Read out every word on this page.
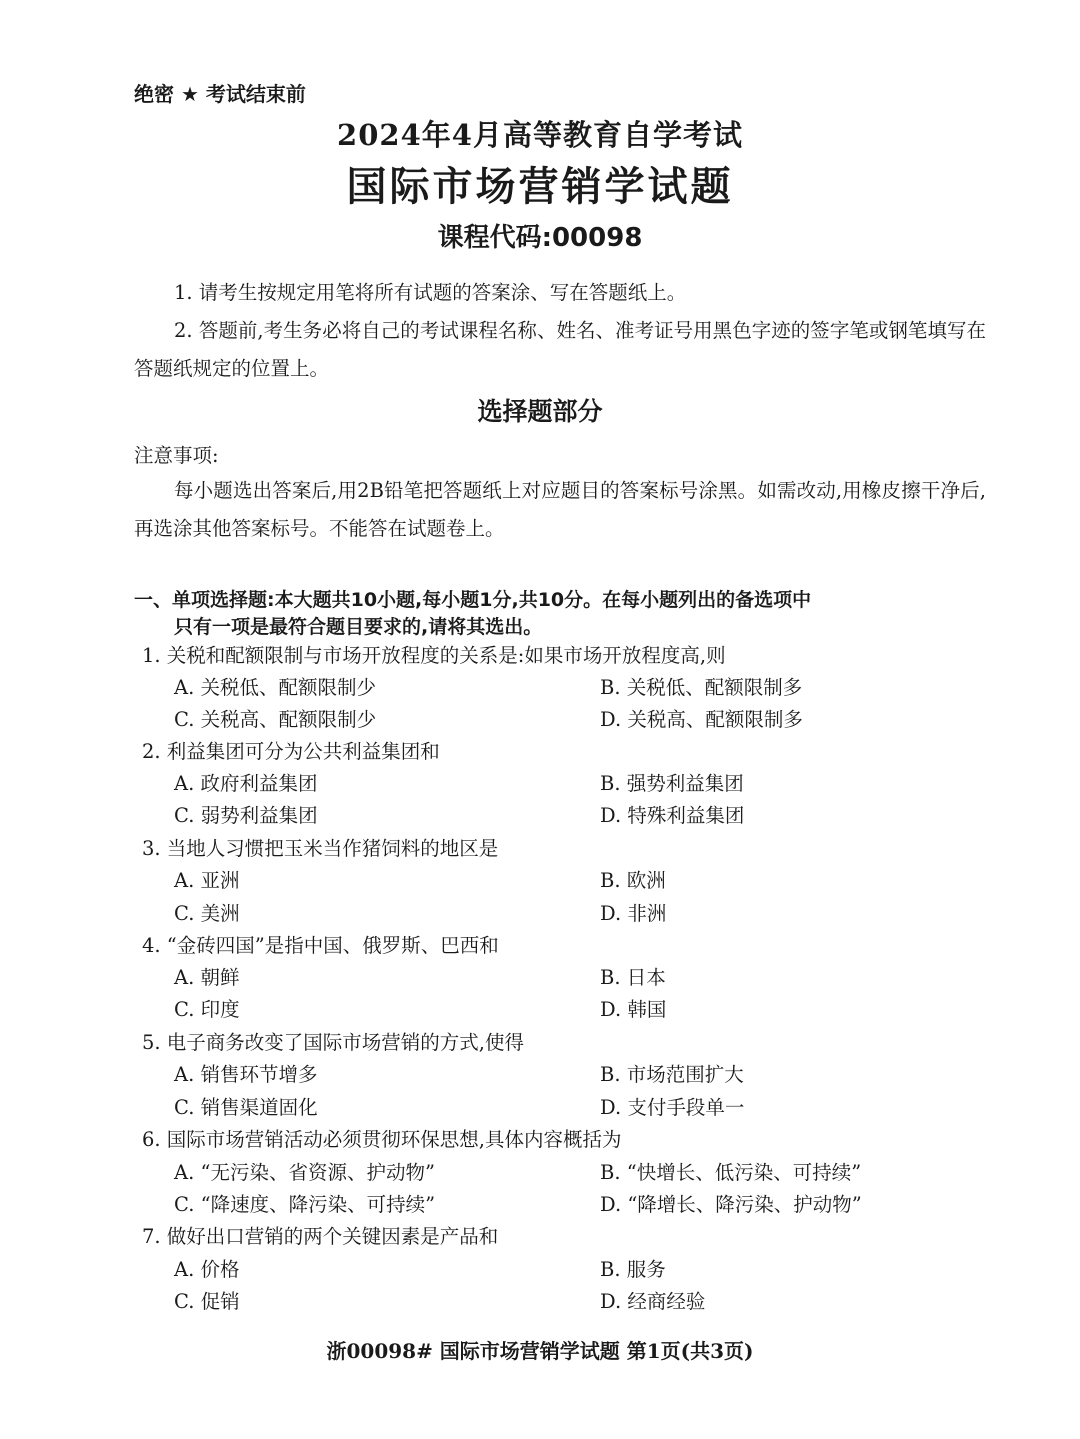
绝密 ★ 考试结束前
2024年4月高等教育自学考试
国际市场营销学试题
课程代码:00098
1. 请考生按规定用笔将所有试题的答案涂、写在答题纸上。
2. 答题前,考生务必将自己的考试课程名称、姓名、准考证号用黑色字迹的签字笔或钢笔填写在答题纸规定的位置上。
选择题部分
注意事项:
每小题选出答案后,用2B铅笔把答题纸上对应题目的答案标号涂黑。如需改动,用橡皮擦干净后,再选涂其他答案标号。不能答在试题卷上。
一、单项选择题:本大题共10小题,每小题1分,共10分。在每小题列出的备选项中
只有一项是最符合题目要求的,请将其选出。
1. 关税和配额限制与市场开放程度的关系是:如果市场开放程度高,则
A. 关税低、配额限制少	B. 关税低、配额限制多
C. 关税高、配额限制少	D. 关税高、配额限制多
2. 利益集团可分为公共利益集团和
A. 政府利益集团	B. 强势利益集团
C. 弱势利益集团	D. 特殊利益集团
3. 当地人习惯把玉米当作猪饲料的地区是
A. 亚洲	B. 欧洲
C. 美洲	D. 非洲
4. “金砖四国”是指中国、俄罗斯、巴西和
A. 朝鲜	B. 日本
C. 印度	D. 韩国
5. 电子商务改变了国际市场营销的方式,使得
A. 销售环节增多	B. 市场范围扩大
C. 销售渠道固化	D. 支付手段单一
6. 国际市场营销活动必须贯彻环保思想,具体内容概括为
A. “无污染、省资源、护动物”	B. “快增长、低污染、可持续”
C. “降速度、降污染、可持续”	D. “降增长、降污染、护动物”
7. 做好出口营销的两个关键因素是产品和
A. 价格	B. 服务
C. 促销	D. 经商经验
浙00098# 国际市场营销学试题 第1页(共3页)
